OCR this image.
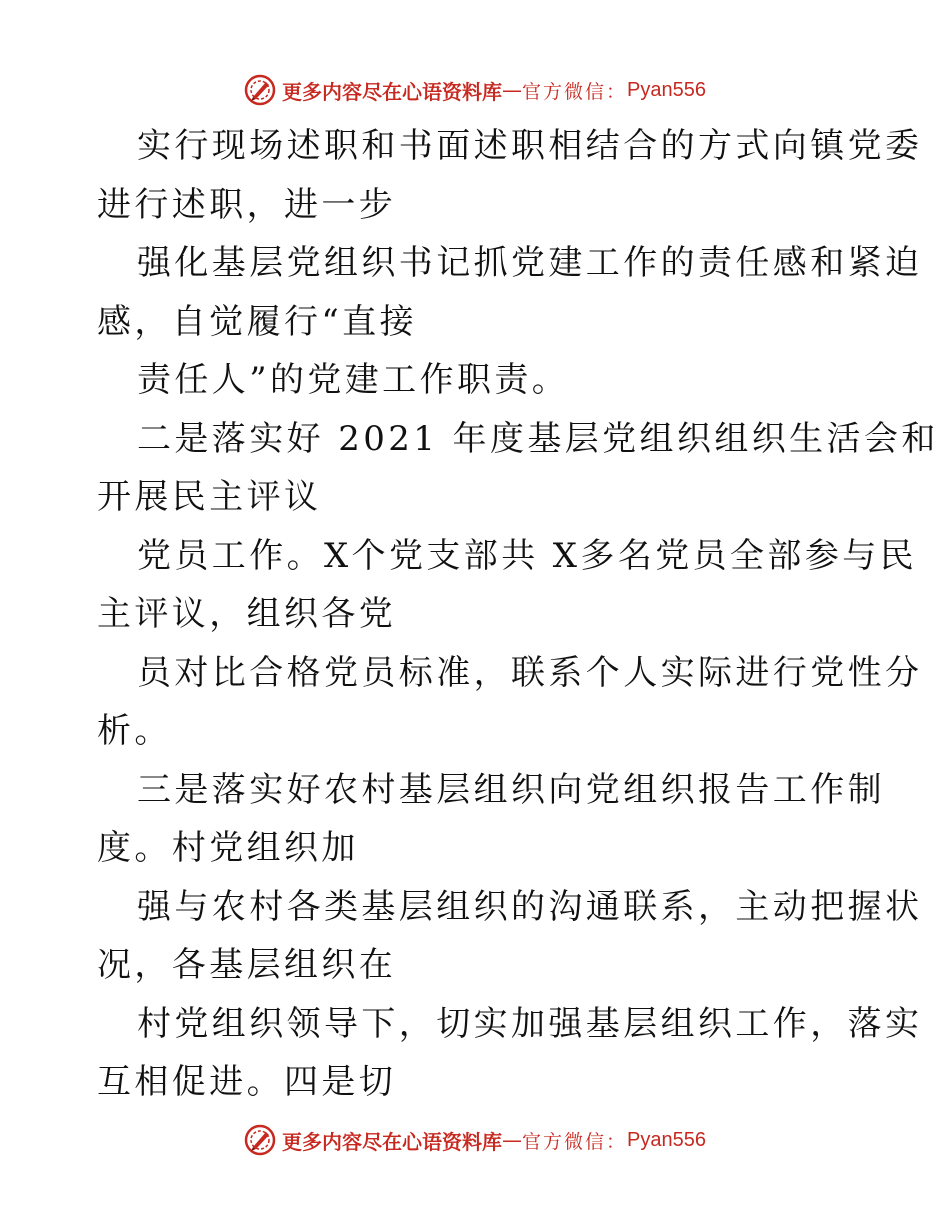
更多内容尽在心语资料库 — 官方微信： Pyan556
实行现场述职和书面述职相结合的方式向镇党委
进行述职，进一步
强化基层党组织书记抓党建工作的责任感和紧迫
感，自觉履行“直接
责任人”的党建工作职责。
二是落实好 2021 年度基层党组织组织生活会和
开展民主评议
党员工作。X个党支部共 X多名党员全部参与民
主评议，组织各党
员对比合格党员标准，联系个人实际进行党性分
析。
三是落实好农村基层组织向党组织报告工作制
度。村党组织加
强与农村各类基层组织的沟通联系，主动把握状
况，各基层组织在
村党组织领导下，切实加强基层组织工作，落实
互相促进。四是切
更多内容尽在心语资料库 — 官方微信： Pyan556
